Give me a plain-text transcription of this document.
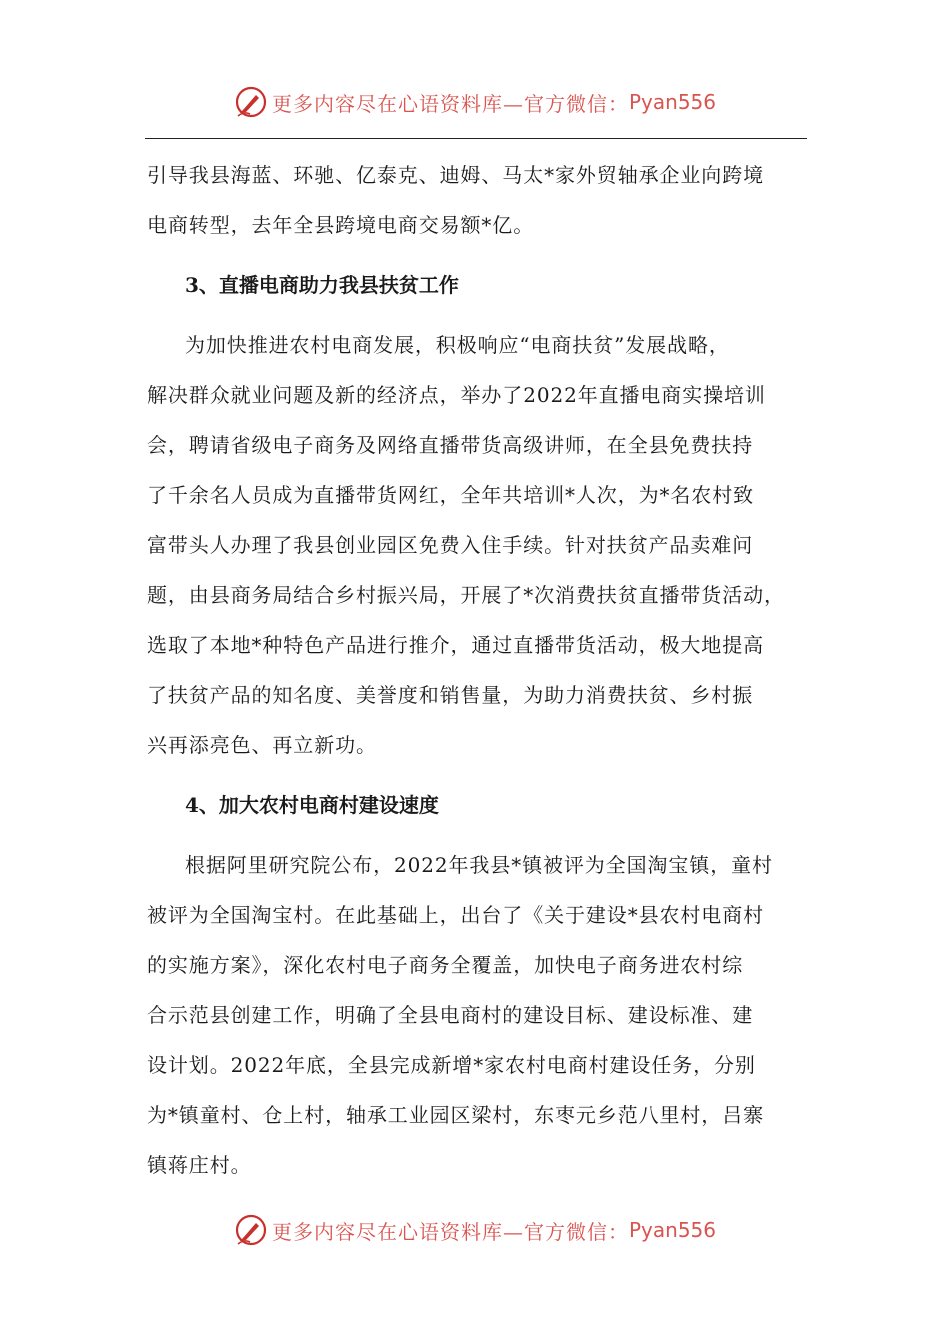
更多内容尽在心语资料库—官方微信： Pyan556
引导我县海蓝、环驰、亿泰克、迪姆、马太*家外贸轴承企业向跨境
电商转型，去年全县跨境电商交易额*亿。
3、直播电商助力我县扶贫工作
为加快推进农村电商发展，积极响应“电商扶贫”发展战略，
解决群众就业问题及新的经济点，举办了2022年直播电商实操培训
会，聘请省级电子商务及网络直播带货高级讲师，在全县免费扶持
了千余名人员成为直播带货网红，全年共培训*人次，为*名农村致
富带头人办理了我县创业园区免费入住手续。针对扶贫产品卖难问
题，由县商务局结合乡村振兴局，开展了*次消费扶贫直播带货活动，
选取了本地*种特色产品进行推介，通过直播带货活动，极大地提高
了扶贫产品的知名度、美誉度和销售量，为助力消费扶贫、乡村振
兴再添亮色、再立新功。
4、加大农村电商村建设速度
根据阿里研究院公布，2022年我县*镇被评为全国淘宝镇，童村
被评为全国淘宝村。在此基础上，出台了《关于建设*县农村电商村
的实施方案》，深化农村电子商务全覆盖，加快电子商务进农村综
合示范县创建工作，明确了全县电商村的建设目标、建设标准、建
设计划。2022年底，全县完成新增*家农村电商村建设任务，分别
为*镇童村、仓上村，轴承工业园区梁村，东枣元乡范八里村，吕寨
镇蒋庄村。
更多内容尽在心语资料库—官方微信： Pyan556
